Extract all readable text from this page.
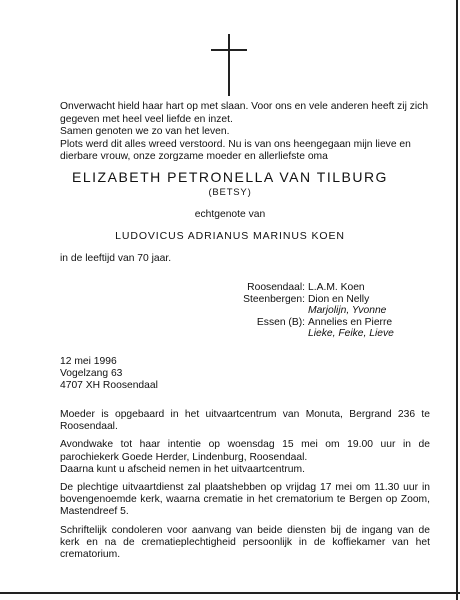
Onverwacht hield haar hart op met slaan. Voor ons en vele anderen heeft zij zich gegeven met heel veel liefde en inzet.

Samen genoten we zo van het leven.

Plots werd dit alles wreed verstoord. Nu is van ons heengegaan mijn lieve en dierbare vrouw, onze zorgzame moeder en allerliefste oma

ELIZABETH PETRONELLA VAN TILBURG
(BETSY)
echtgenote van
LUDOVICUS ADRIANUS MARINUS KOEN
in de leeftijd van 70 jaar.
Roosendaal: L.A.M. Koen
Steenbergen: Dion en Nelly
Marjolijn, Yvonne
Essen (B): Annelies en Pierre
Lieke, Feike, Lieve
12 mei 1996
Vogelzang 63
4707 XH Roosendaal

Moeder is opgebaard in het uitvaartcentrum van Monuta, Bergrand 236 te Roosendaal.

Avondwake tot haar intentie op woensdag 15 mei om 19.00 uur in de parochiekerk Goede Herder, Lindenburg, Roosendaal.

Daarna kunt u afscheid nemen in het uitvaartcentrum.

De plechtige uitvaartdienst zal plaatshebben op vrijdag 17 mei om 11.30 uur in bovengenoemde kerk, waarna crematie in het crematorium te Bergen op Zoom, Mastendreef 5.

Schriftelijk condoleren voor aanvang van beide diensten bij de ingang van de kerk en na de crematieplechtigheid persoonlijk in de koffiekamer van het crematorium.
